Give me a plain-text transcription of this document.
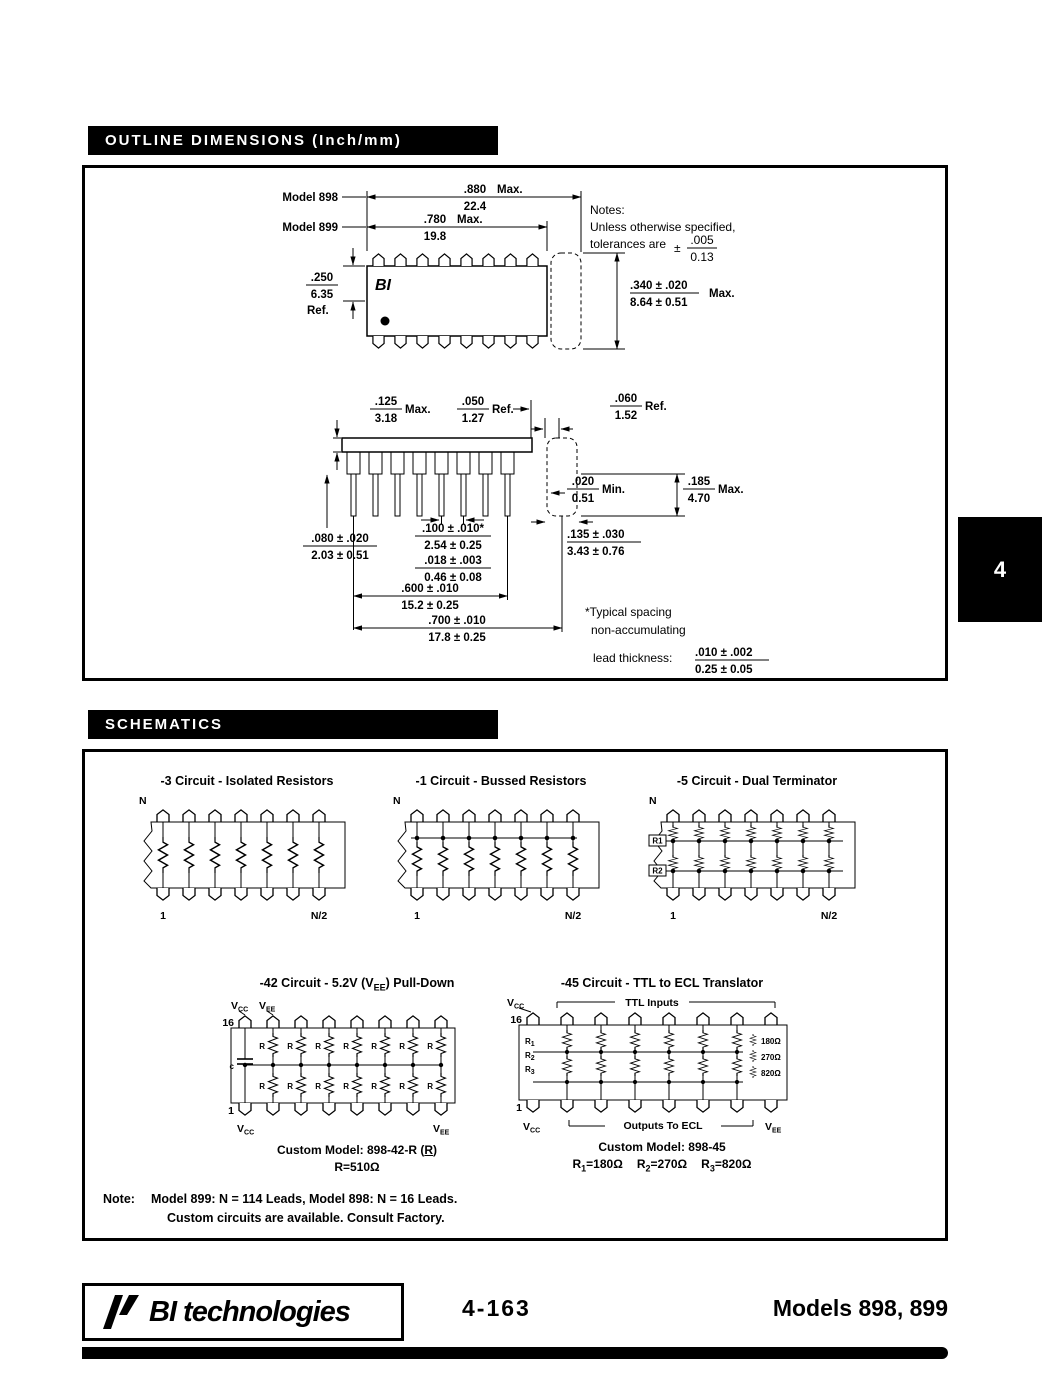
OUTLINE DIMENSIONS (Inch/mm)
.880 Max.
22.4
.780 Max.
19.8
Model 898
Model 899
Notes:
Unless otherwise specified,
tolerances are ±
.005
0.13
BI
.250
6.35
Ref.
.340 ± .020
8.64 ± 0.51
Max.
.125
3.18
Max.
.050
1.27
Ref.
.060
1.52
Ref.
.020
0.51
Min.
.185
4.70
Max.
.100 ± .010*
2.54 ± 0.25
.018 ± .003
0.46 ± 0.08
.600 ± .010
15.2 ± 0.25
.700 ± .010
17.8 ± 0.25
.080 ± .020
2.03 ± 0.51
.135 ± .030
3.43 ± 0.76
*Typical spacing
non-accumulating
lead thickness: .010 ± .002
0.25 ± 0.05
4
SCHEMATICS
-3 Circuit - Isolated Resistors
N
1	N/2
-1 Circuit - Bussed Resistors
N
1	N/2
-5 Circuit - Dual Terminator
N
R1
R2
1	N/2
-42 Circuit - 5.2V $(V_{EE})$ Pull-Down
$V_{CC}$ $V_{EE}$
16
c
R
R
R
R
R
R
R
R
R
R
R
R
R
R
1
$V_{CC}$	$V_{EE}$
Custom Model: 898-42-R (R)
R=510Ω
-45 Circuit - TTL to ECL Translator
$V_{CC}$	TTL Inputs
16
R1
R2
R3
180Ω
270Ω
820Ω
1
Outputs To ECL
$V_{CC}$	$V_{EE}$
Custom Model: 898-45
$R_1=180\Omega$ $R_2=270\Omega$ $R_3=820\Omega$
Note: Model 899: N = 114 Leads, Model 898: N = 16 Leads.
Custom circuits are available. Consult Factory.
BI technologies	4-163	Models 898, 899
